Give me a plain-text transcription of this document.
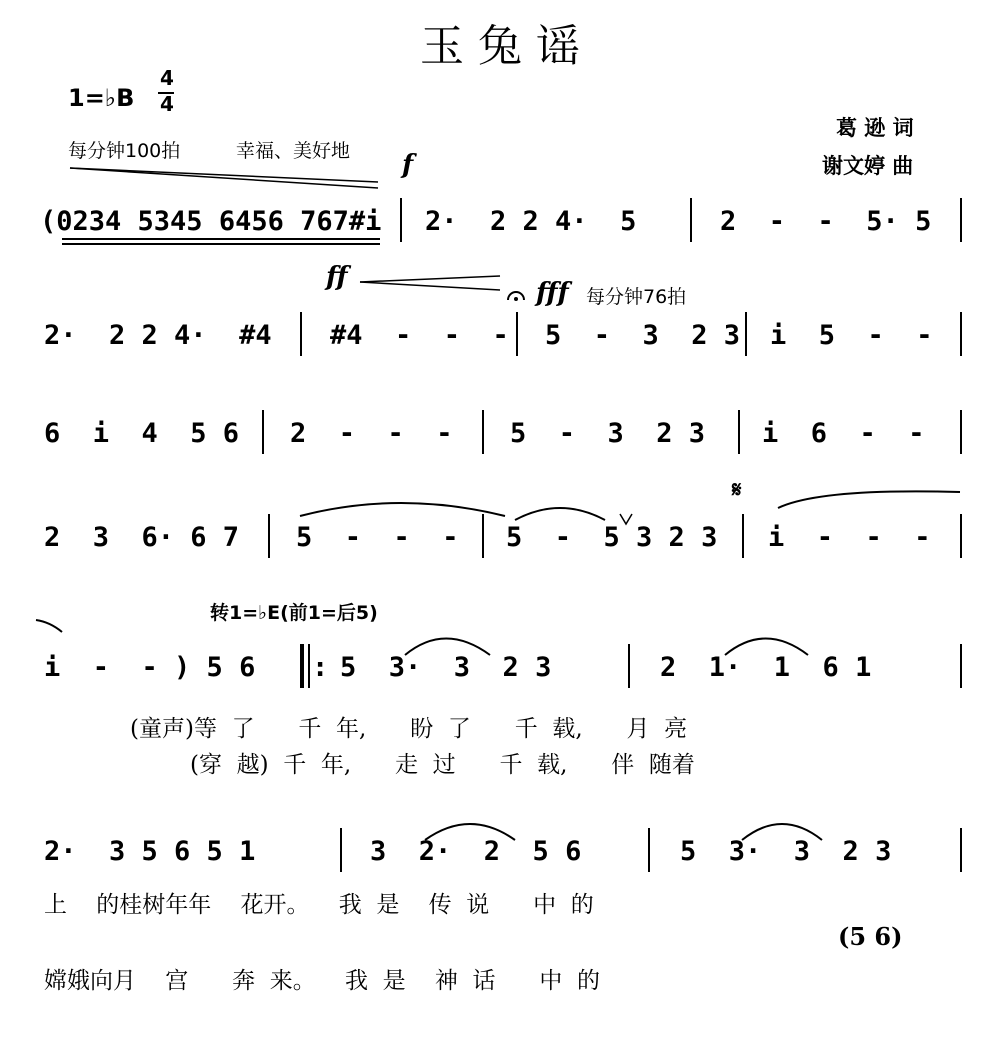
玉 兔 谣
1=♭B
4
4
每分钟100拍	幸福、美好地
葛 逊 词
谢文婷 曲
f
ff
fff 每分钟76拍
𝄋
转1=♭E(前1=后5)
(0234 5345 6456 767#i 2·  2 2 4·  5	2  -  -  5· 5
2·  2 2 4·  #4 #4  -  -  - 5  -  3  2 3 i  5  -  -
6  i  4  5 6 2  -  -  - 5  -  3  2 3 i  6  -  -
2  3  6· 6 7 5  -  -  - 5  -  5 3 2 3 i  -  -  -
i  -  - ) 5 6 : 5  3·  3  2 3	2  1·  1  6 1
(童声)等  了      千  年,      盼  了      千  载,      月  亮
(穿  越)  千  年,      走  过      千  载,      伴  随着
2·  3 5 6 5 1	3  2·  2  5 6	5  3·  3  2 3
上    的桂树年年    花开。    我  是    传  说      中  的
(5 6)
嫦娥向月    宫      奔  来。    我  是    神  话      中  的
